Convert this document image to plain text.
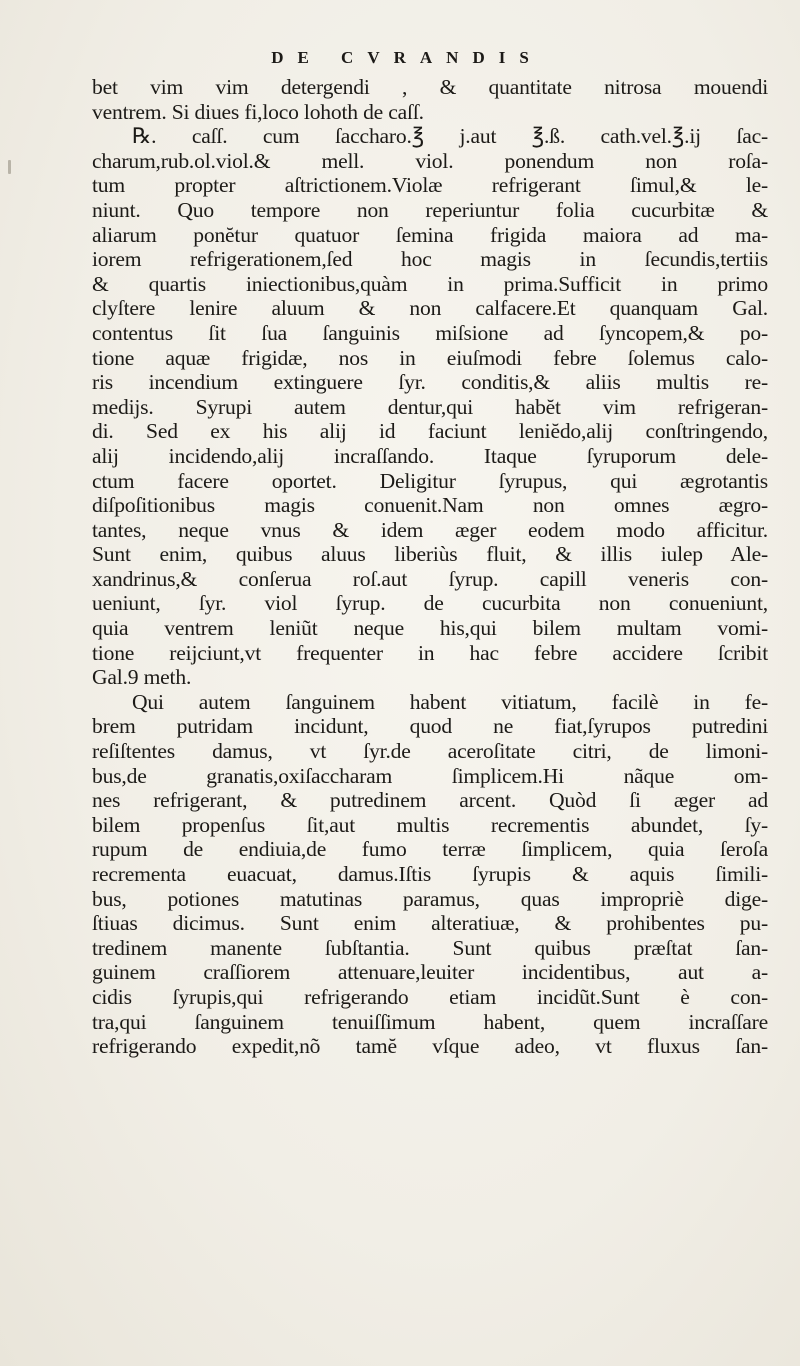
DE CVRANDIS
bet vim vim detergendi , & quantitate nitrosa mouendi
ventrem. Si diues fi,loco lohoth de caſſ.
℞. caſſ. cum ſaccharo.℥ j.aut ℥.ß. cath.vel.℥.ij ſac-
charum,rub.ol.viol.& mell. viol. ponendum non roſa-
tum propter aſtrictionem.Violæ refrigerant ſimul,& le-
niunt. Quo tempore non reperiuntur folia cucurbitæ &
aliarum ponĕtur quatuor ſemina frigida maiora ad ma-
iorem refrigerationem,ſed hoc magis in ſecundis,tertiis
& quartis iniectionibus,quàm in prima.Sufficit in primo
clyſtere lenire aluum & non calfacere.Et quanquam Gal.
contentus ſit ſua ſanguinis miſsione ad ſyncopem,& po-
tione aquæ frigidæ, nos in eiuſmodi febre ſolemus calo-
ris incendium extinguere ſyr. conditis,& aliis multis re-
medijs. Syrupi autem dentur,qui habĕt vim refrigeran-
di. Sed ex his alij id faciunt leniĕdo,alij conſtringendo,
alij incidendo,alij incraſſando. Itaque ſyruporum dele-
ctum facere oportet. Deligitur ſyrupus, qui ægrotantis
diſpoſitionibus magis conuenit.Nam non omnes ægro-
tantes, neque vnus & idem æger eodem modo afficitur.
Sunt enim, quibus aluus liberiùs fluit, & illis iulep Ale-
xandrinus,& conſerua roſ.aut ſyrup. capill veneris con-
ueniunt, ſyr. viol ſyrup. de cucurbita non conueniunt,
quia ventrem leniũt neque his,qui bilem multam vomi-
tione reijciunt,vt frequenter in hac febre accidere ſcribit
Gal.9 meth.
Qui autem ſanguinem habent vitiatum, facilè in fe-
brem putridam incidunt, quod ne fiat,ſyrupos putredini
reſiſtentes damus, vt ſyr.de aceroſitate citri, de limoni-
bus,de granatis,oxiſaccharam ſimplicem.Hi nãque om-
nes refrigerant, & putredinem arcent. Quòd ſi æger ad
bilem propenſus ſit,aut multis recrementis abundet, ſy-
rupum de endiuia,de fumo terræ ſimplicem, quia ſeroſa
recrementa euacuat, damus.Iſtis ſyrupis & aquis ſimili-
bus, potiones matutinas paramus, quas impropriè dige-
ſtiuas dicimus. Sunt enim alteratiuæ, & prohibentes pu-
tredinem manente ſubſtantia. Sunt quibus præſtat ſan-
guinem craſſiorem attenuare,leuiter incidentibus, aut a-
cidis ſyrupis,qui refrigerando etiam incidũt.Sunt è con-
tra,qui ſanguinem tenuiſſimum habent, quem incraſſare
refrigerando expedit,nõ tamĕ vſque adeo, vt fluxus ſan-
